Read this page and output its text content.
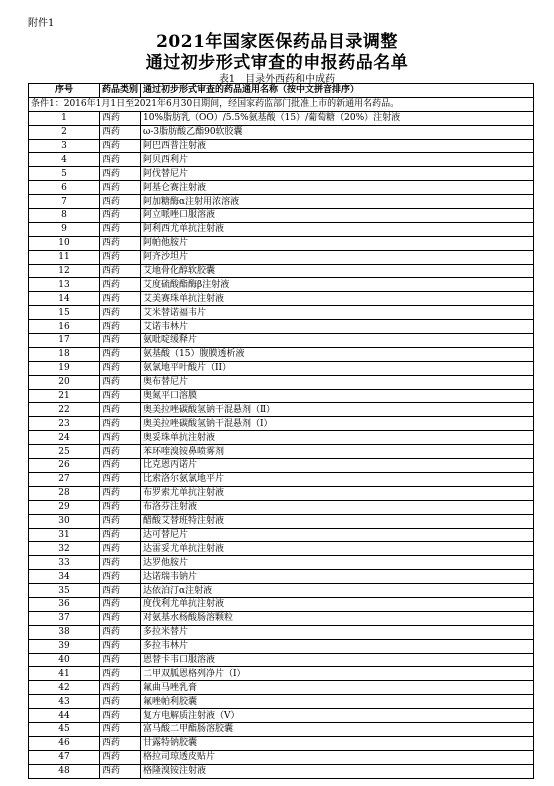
附件1
2021年国家医保药品目录调整
通过初步形式审查的申报药品名单
表1　目录外西药和中成药
序号	药品类别	通过初步形式审查的药品通用名称（按中文拼音排序）
条件1：2016年1月1日至2021年6月30日期间，经国家药监部门批准上市的新通用名药品。		
1	西药	10%脂肪乳（OO）/5.5%氨基酸（15）/葡萄糖（20%）注射液
2	西药	ω-3脂肪酸乙酯90软胶囊
3	西药	阿巴西普注射液
4	西药	阿贝西利片
5	西药	阿伐替尼片
6	西药	阿基仑赛注射液
7	西药	阿加糖酶α注射用浓溶液
8	西药	阿立哌唑口服溶液
9	西药	阿利西尤单抗注射液
10	西药	阿帕他胺片
11	西药	阿齐沙坦片
12	西药	艾地骨化醇软胶囊
13	西药	艾度硫酸酯酶β注射液
14	西药	艾美赛珠单抗注射液
15	西药	艾米替诺福韦片
16	西药	艾诺韦林片
17	西药	氨吡啶缓释片
18	西药	氨基酸（15）腹膜透析液
19	西药	氨氯地平叶酸片（II）
20	西药	奥布替尼片
21	西药	奥氮平口溶膜
22	西药	奥美拉唑碳酸氢钠干混悬剂（Ⅱ）
23	西药	奥美拉唑碳酸氢钠干混悬剂（Ⅰ）
24	西药	奥妥珠单抗注射液
25	西药	苯环喹溴铵鼻喷雾剂
26	西药	比克恩丙诺片
27	西药	比索洛尔氨氯地平片
28	西药	布罗索尤单抗注射液
29	西药	布洛芬注射液
30	西药	醋酸艾替班特注射液
31	西药	达可替尼片
32	西药	达雷妥尤单抗注射液
33	西药	达罗他胺片
34	西药	达诺瑞韦钠片
35	西药	达依泊汀α注射液
36	西药	度伐利尤单抗注射液
37	西药	对氨基水杨酸肠溶颗粒
38	西药	多拉米替片
39	西药	多拉韦林片
40	西药	恩替卡韦口服溶液
41	西药	二甲双胍恩格列净片（Ⅰ）
42	西药	氟曲马唑乳膏
43	西药	氟唑帕利胶囊
44	西药	复方电解质注射液（Ⅴ）
45	西药	富马酸二甲酯肠溶胶囊
46	西药	甘露特钠胶囊
47	西药	格拉司琼透皮贴片
48	西药	格隆溴铵注射液
